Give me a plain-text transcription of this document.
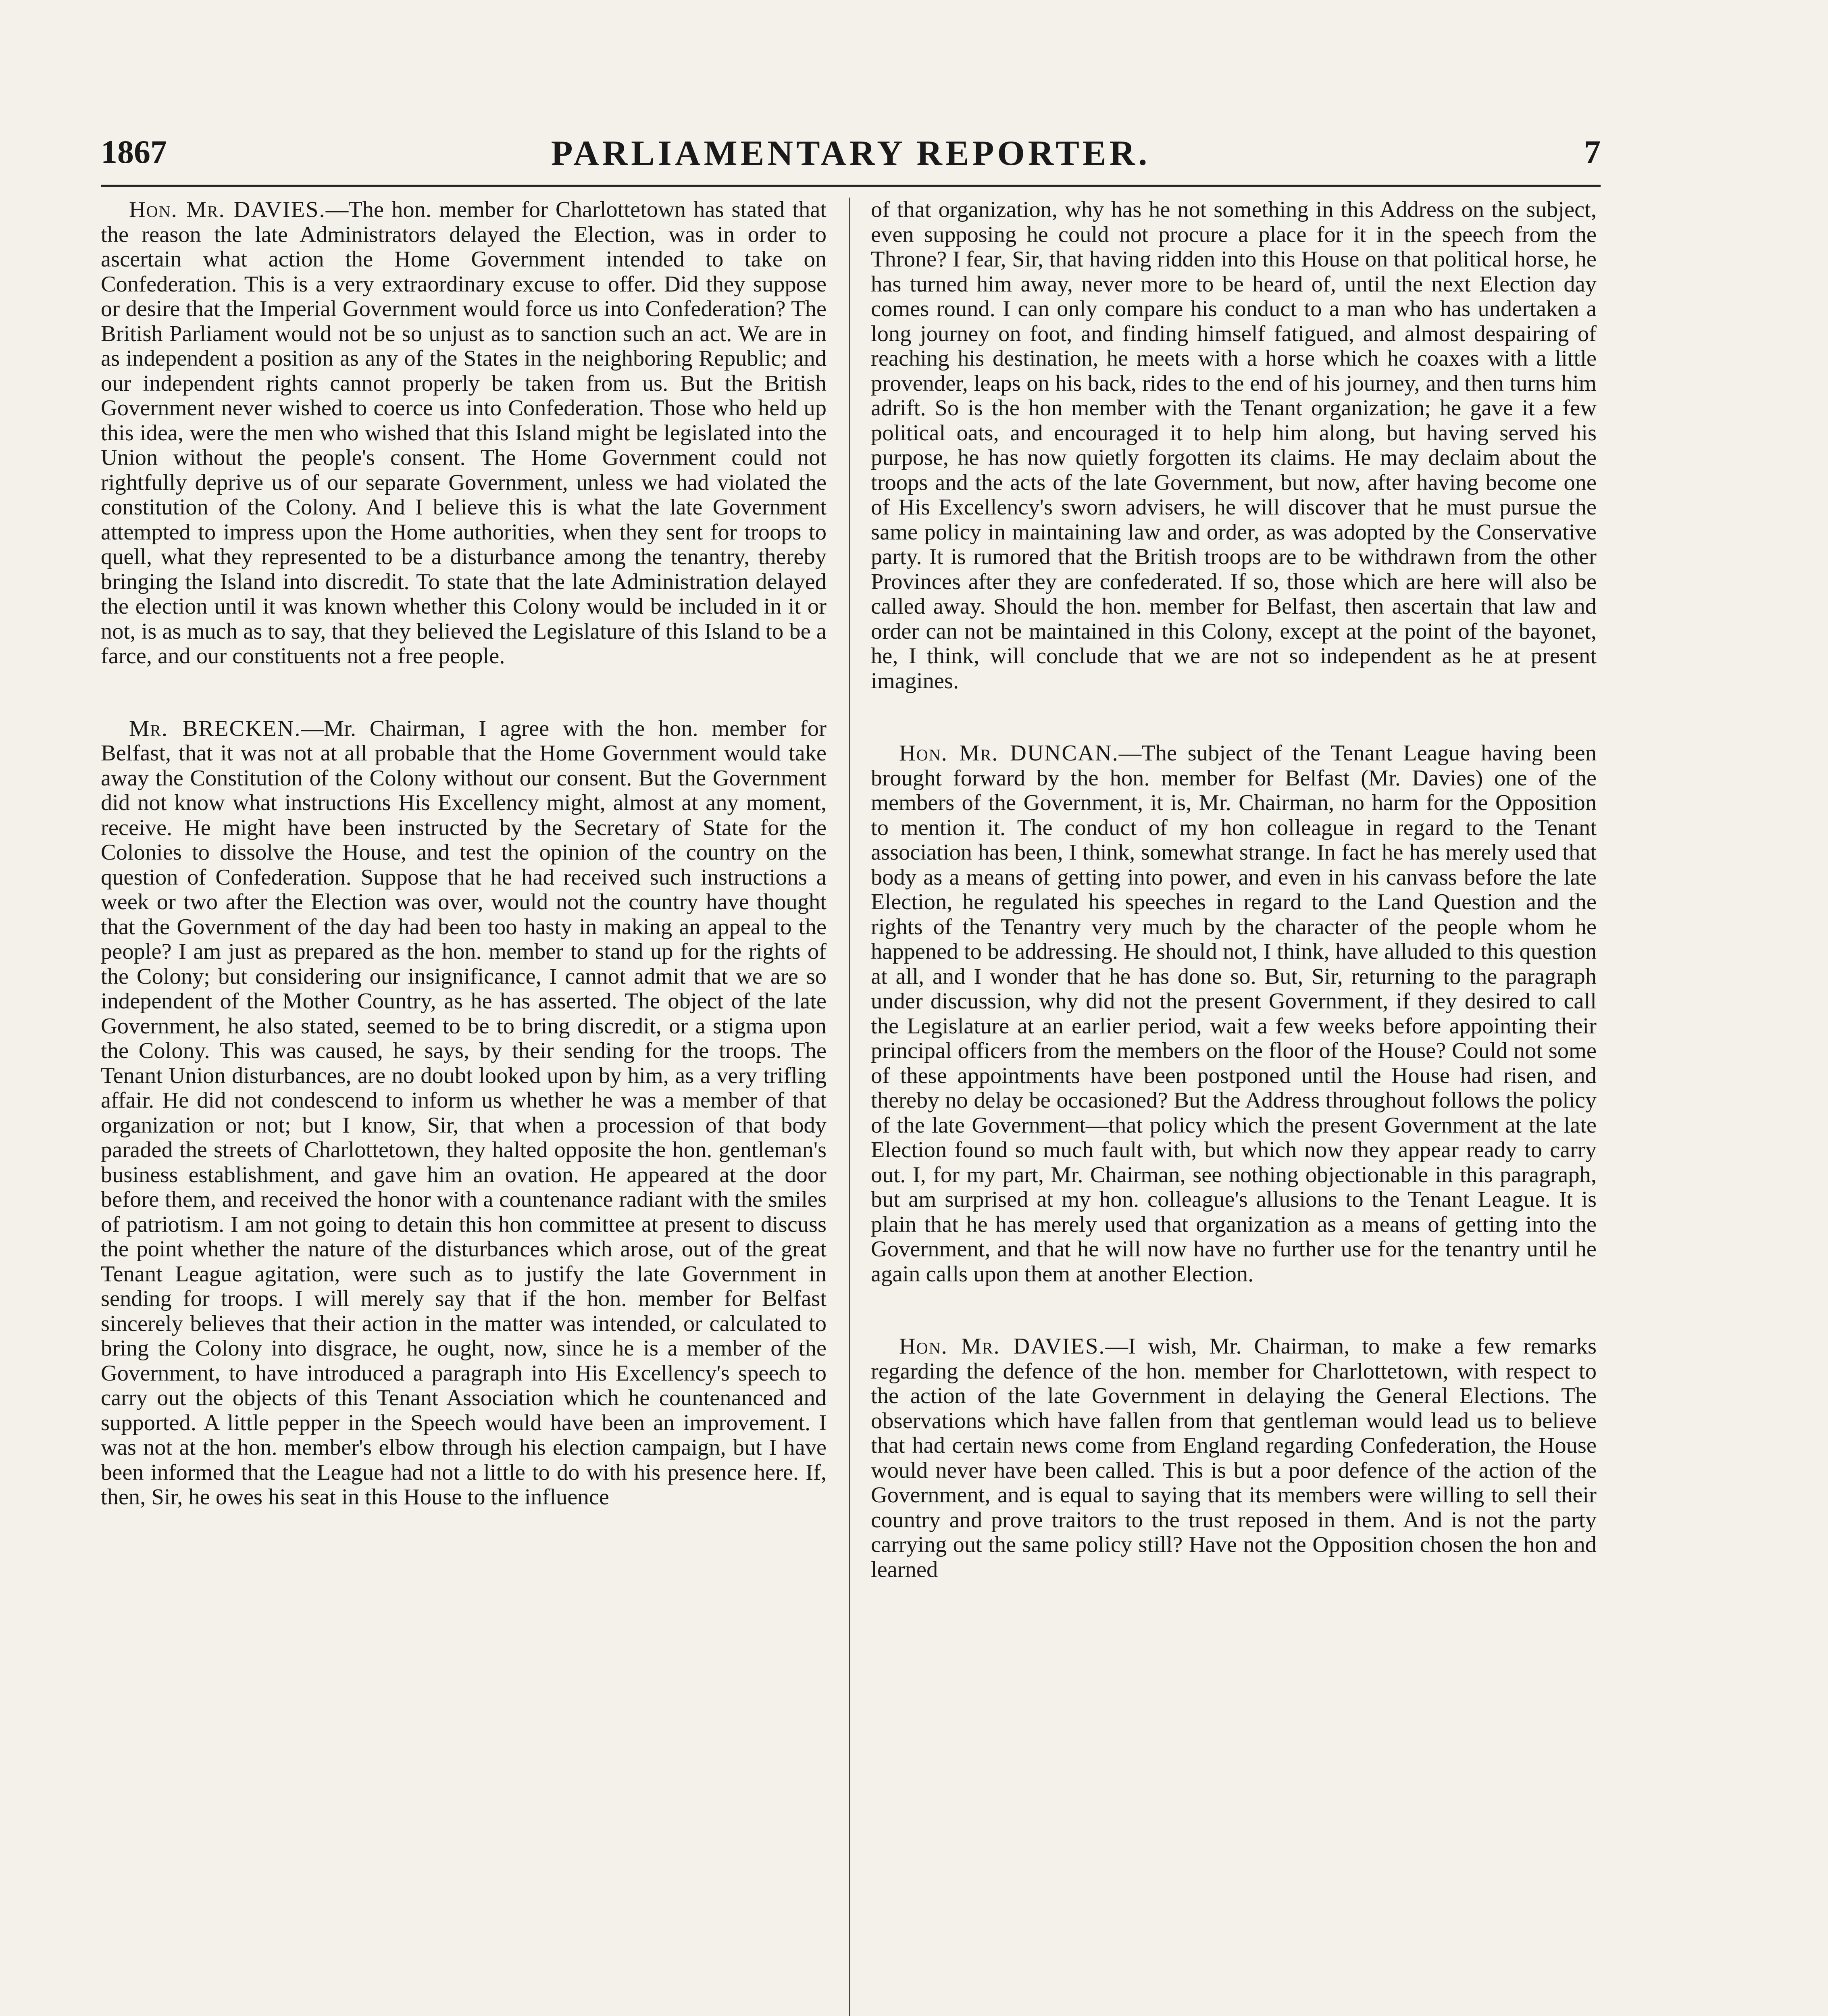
1867	PARLIAMENTARY REPORTER.	7

Hon. Mr. DAVIES.—The hon. member for Charlottetown has stated that the reason the late Administrators delayed the Election, was in order to ascertain what action the Home Government intended to take on Confederation. This is a very extraordinary excuse to offer. Did they suppose or desire that the Imperial Government would force us into Confederation? The British Parliament would not be so unjust as to sanction such an act. We are in as independent a position as any of the States in the neighboring Republic; and our independent rights cannot properly be taken from us. But the British Government never wished to coerce us into Confederation. Those who held up this idea, were the men who wished that this Island might be legislated into the Union without the people's consent. The Home Government could not rightfully deprive us of our separate Government, unless we had violated the constitution of the Colony. And I believe this is what the late Government attempted to impress upon the Home authorities, when they sent for troops to quell, what they represented to be a disturbance among the tenantry, thereby bringing the Island into discredit. To state that the late Administration delayed the election until it was known whether this Colony would be included in it or not, is as much as to say, that they believed the Legislature of this Island to be a farce, and our constituents not a free people.

Mr. BRECKEN.—Mr. Chairman, I agree with the hon. member for Belfast, that it was not at all probable that the Home Government would take away the Constitution of the Colony without our consent. But the Government did not know what instructions His Excellency might, almost at any moment, receive. He might have been instructed by the Secretary of State for the Colonies to dissolve the House, and test the opinion of the country on the question of Confederation. Suppose that he had received such instructions a week or two after the Election was over, would not the country have thought that the Government of the day had been too hasty in making an appeal to the people? I am just as prepared as the hon. member to stand up for the rights of the Colony; but considering our insignificance, I cannot admit that we are so independent of the Mother Country, as he has asserted. The object of the late Government, he also stated, seemed to be to bring discredit, or a stigma upon the Colony. This was caused, he says, by their sending for the troops. The Tenant Union disturbances, are no doubt looked upon by him, as a very trifling affair. He did not condescend to inform us whether he was a member of that organization or not; but I know, Sir, that when a procession of that body paraded the streets of Charlottetown, they halted opposite the hon. gentleman's business establishment, and gave him an ovation. He appeared at the door before them, and received the honor with a countenance radiant with the smiles of patriotism. I am not going to detain this hon committee at present to discuss the point whether the nature of the disturbances which arose, out of the great Tenant League agitation, were such as to justify the late Government in sending for troops. I will merely say that if the hon. member for Belfast sincerely believes that their action in the matter was intended, or calculated to bring the Colony into disgrace, he ought, now, since he is a member of the Government, to have introduced a paragraph into His Excellency's speech to carry out the objects of this Tenant Association which he countenanced and supported. A little pepper in the Speech would have been an improvement. I was not at the hon. member's elbow through his election campaign, but I have been informed that the League had not a little to do with his presence here. If, then, Sir, he owes his seat in this House to the influence

of that organization, why has he not something in this Address on the subject, even supposing he could not procure a place for it in the speech from the Throne? I fear, Sir, that having ridden into this House on that political horse, he has turned him away, never more to be heard of, until the next Election day comes round. I can only compare his conduct to a man who has undertaken a long journey on foot, and finding himself fatigued, and almost despairing of reaching his destination, he meets with a horse which he coaxes with a little provender, leaps on his back, rides to the end of his journey, and then turns him adrift. So is the hon member with the Tenant organization; he gave it a few political oats, and encouraged it to help him along, but having served his purpose, he has now quietly forgotten its claims. He may declaim about the troops and the acts of the late Government, but now, after having become one of His Excellency's sworn advisers, he will discover that he must pursue the same policy in maintaining law and order, as was adopted by the Conservative party. It is rumored that the British troops are to be withdrawn from the other Provinces after they are confederated. If so, those which are here will also be called away. Should the hon. member for Belfast, then ascertain that law and order can not be maintained in this Colony, except at the point of the bayonet, he, I think, will conclude that we are not so independent as he at present imagines.

Hon. Mr. DUNCAN.—The subject of the Tenant League having been brought forward by the hon. member for Belfast (Mr. Davies) one of the members of the Government, it is, Mr. Chairman, no harm for the Opposition to mention it. The conduct of my hon colleague in regard to the Tenant association has been, I think, somewhat strange. In fact he has merely used that body as a means of getting into power, and even in his canvass before the late Election, he regulated his speeches in regard to the Land Question and the rights of the Tenantry very much by the character of the people whom he happened to be addressing. He should not, I think, have alluded to this question at all, and I wonder that he has done so. But, Sir, returning to the paragraph under discussion, why did not the present Government, if they desired to call the Legislature at an earlier period, wait a few weeks before appointing their principal officers from the members on the floor of the House? Could not some of these appointments have been postponed until the House had risen, and thereby no delay be occasioned? But the Address throughout follows the policy of the late Government—that policy which the present Government at the late Election found so much fault with, but which now they appear ready to carry out. I, for my part, Mr. Chairman, see nothing objectionable in this paragraph, but am surprised at my hon. colleague's allusions to the Tenant League. It is plain that he has merely used that organization as a means of getting into the Government, and that he will now have no further use for the tenantry until he again calls upon them at another Election.

Hon. Mr. DAVIES.—I wish, Mr. Chairman, to make a few remarks regarding the defence of the hon. member for Charlottetown, with respect to the action of the late Government in delaying the General Elections. The observations which have fallen from that gentleman would lead us to believe that had certain news come from England regarding Confederation, the House would never have been called. This is but a poor defence of the action of the Government, and is equal to saying that its members were willing to sell their country and prove traitors to the trust reposed in them. And is not the party carrying out the same policy still? Have not the Opposition chosen the hon and learned
